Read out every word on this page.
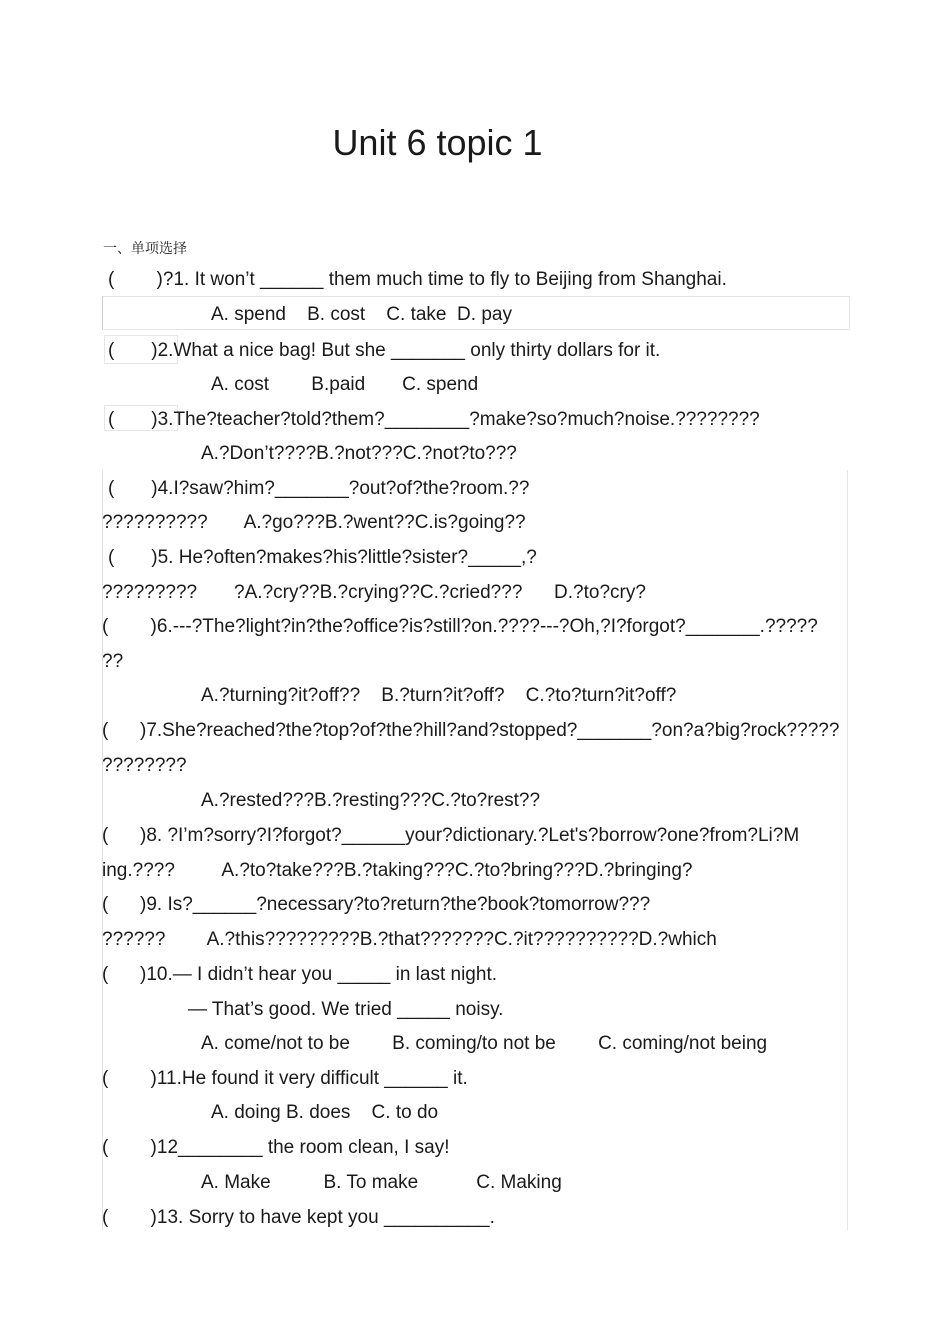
Unit 6 topic 1
一、单项选择
(        )?1. It won’t ______ them much time to fly to Beijing from Shanghai.
A. spend    B. cost    C. take  D. pay
(       )2.What a nice bag! But she _______ only thirty dollars for it.
A. cost        B.paid       C. spend
(       )3.The?teacher?told?them?________?make?so?much?noise.????????
A.?Don’t????B.?not???C.?not?to???
(       )4.I?saw?him?_______?out?of?the?room.??
??????????       A.?go???B.?went??C.is?going??
(       )5. He?often?makes?his?little?sister?_____,?
?????????       ?A.?cry??B.?crying??C.?cried???      D.?to?cry?
(        )6.---?The?light?in?the?office?is?still?on.????---?Oh,?I?forgot?_______.?????
??
A.?turning?it?off??    B.?turn?it?off?    C.?to?turn?it?off?
(      )7.She?reached?the?top?of?the?hill?and?stopped?_______?on?a?big?rock?????
????????
A.?rested???B.?resting???C.?to?rest??
(      )8. ?I’m?sorry?I?forgot?______your?dictionary.?Let's?borrow?one?from?Li?M
ing.????         A.?to?take???B.?taking???C.?to?bring???D.?bringing?
(      )9. Is?______?necessary?to?return?the?book?tomorrow???
??????        A.?this?????????B.?that???????C.?it??????????D.?which
(      )10.— I didn’t hear you _____ in last night.
— That’s good. We tried _____ noisy.
A. come/not to be        B. coming/to not be        C. coming/not being
(        )11.He found it very difficult ______ it.
A. doing B. does    C. to do
(        )12________ the room clean, I say!
A. Make          B. To make           C. Making
(        )13. Sorry to have kept you __________.
